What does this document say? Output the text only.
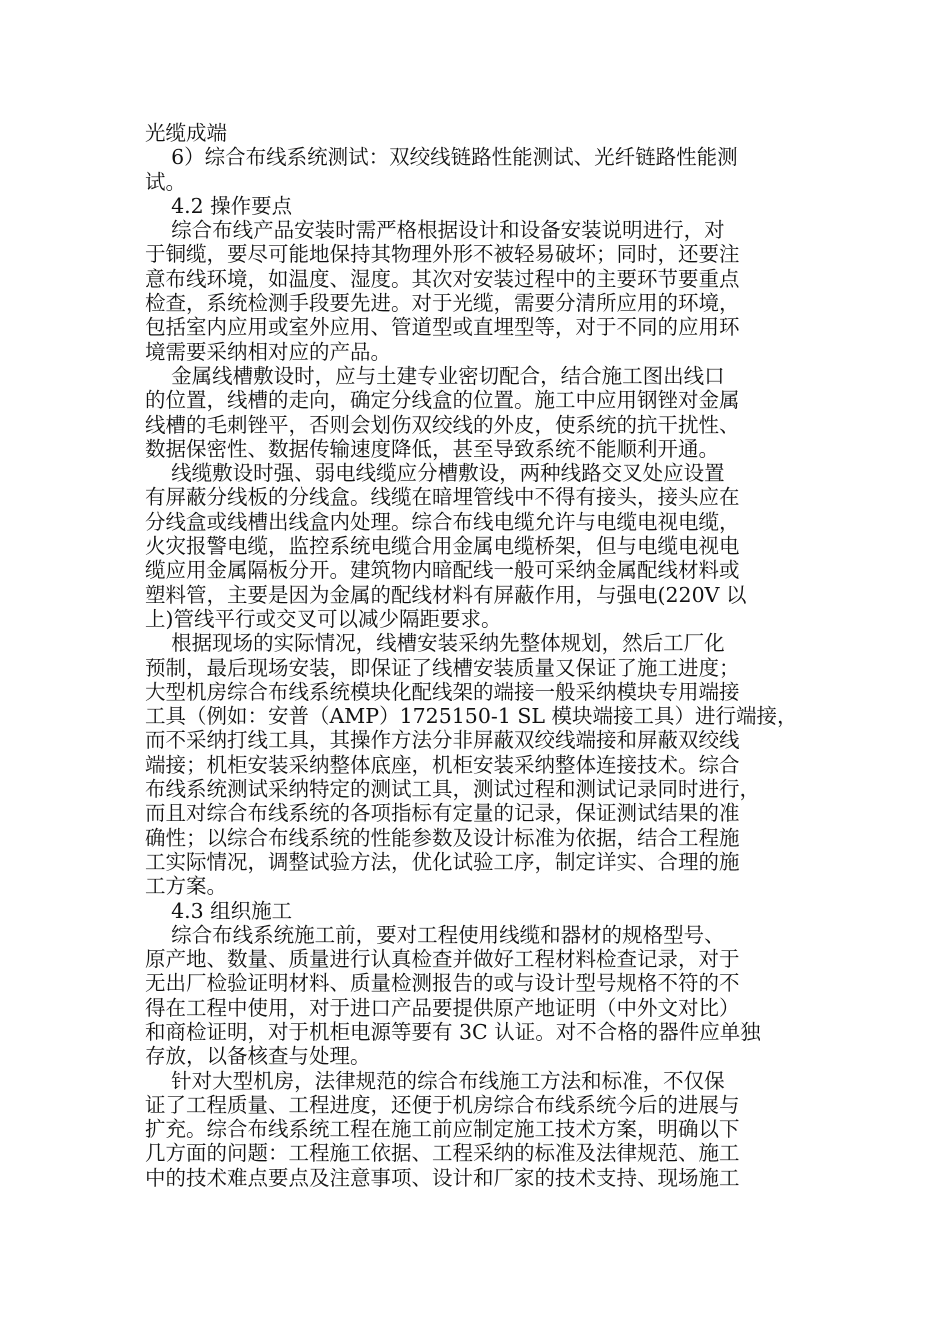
光缆成端
6）综合布线系统测试：双绞线链路性能测试、光纤链路性能测
试。
4.2 操作要点
综合布线产品安装时需严格根据设计和设备安装说明进行，对
于铜缆，要尽可能地保持其物理外形不被轻易破坏；同时，还要注
意布线环境，如温度、湿度。其次对安装过程中的主要环节要重点
检查，系统检测手段要先进。对于光缆，需要分清所应用的环境，
包括室内应用或室外应用、管道型或直埋型等，对于不同的应用环
境需要采纳相对应的产品。
金属线槽敷设时，应与土建专业密切配合，结合施工图出线口
的位置，线槽的走向，确定分线盒的位置。施工中应用钢锉对金属
线槽的毛刺锉平，否则会划伤双绞线的外皮，使系统的抗干扰性、
数据保密性、数据传输速度降低，甚至导致系统不能顺利开通。
线缆敷设时强、弱电线缆应分槽敷设，两种线路交叉处应设置
有屏蔽分线板的分线盒。线缆在暗埋管线中不得有接头，接头应在
分线盒或线槽出线盒内处理。综合布线电缆允许与电缆电视电缆，
火灾报警电缆，监控系统电缆合用金属电缆桥架，但与电缆电视电
缆应用金属隔板分开。建筑物内暗配线一般可采纳金属配线材料或
塑料管，主要是因为金属的配线材料有屏蔽作用，与强电(220V 以
上)管线平行或交叉可以减少隔距要求。
根据现场的实际情况，线槽安装采纳先整体规划，然后工厂化
预制，最后现场安装，即保证了线槽安装质量又保证了施工进度；
大型机房综合布线系统模块化配线架的端接一般采纳模块专用端接
工具（例如：安普（AMP）1725150-1 SL 模块端接工具）进行端接，
而不采纳打线工具，其操作方法分非屏蔽双绞线端接和屏蔽双绞线
端接；机柜安装采纳整体底座，机柜安装采纳整体连接技术。综合
布线系统测试采纳特定的测试工具，测试过程和测试记录同时进行，
而且对综合布线系统的各项指标有定量的记录，保证测试结果的准
确性；以综合布线系统的性能参数及设计标准为依据，结合工程施
工实际情况，调整试验方法，优化试验工序，制定详实、合理的施
工方案。
4.3 组织施工
综合布线系统施工前，要对工程使用线缆和器材的规格型号、
原产地、数量、质量进行认真检查并做好工程材料检查记录，对于
无出厂检验证明材料、质量检测报告的或与设计型号规格不符的不
得在工程中使用，对于进口产品要提供原产地证明（中外文对比）
和商检证明，对于机柜电源等要有 3C 认证。对不合格的器件应单独
存放，以备核查与处理。
针对大型机房，法律规范的综合布线施工方法和标准，不仅保
证了工程质量、工程进度，还便于机房综合布线系统今后的进展与
扩充。综合布线系统工程在施工前应制定施工技术方案，明确以下
几方面的问题：工程施工依据、工程采纳的标准及法律规范、施工
中的技术难点要点及注意事项、设计和厂家的技术支持、现场施工
